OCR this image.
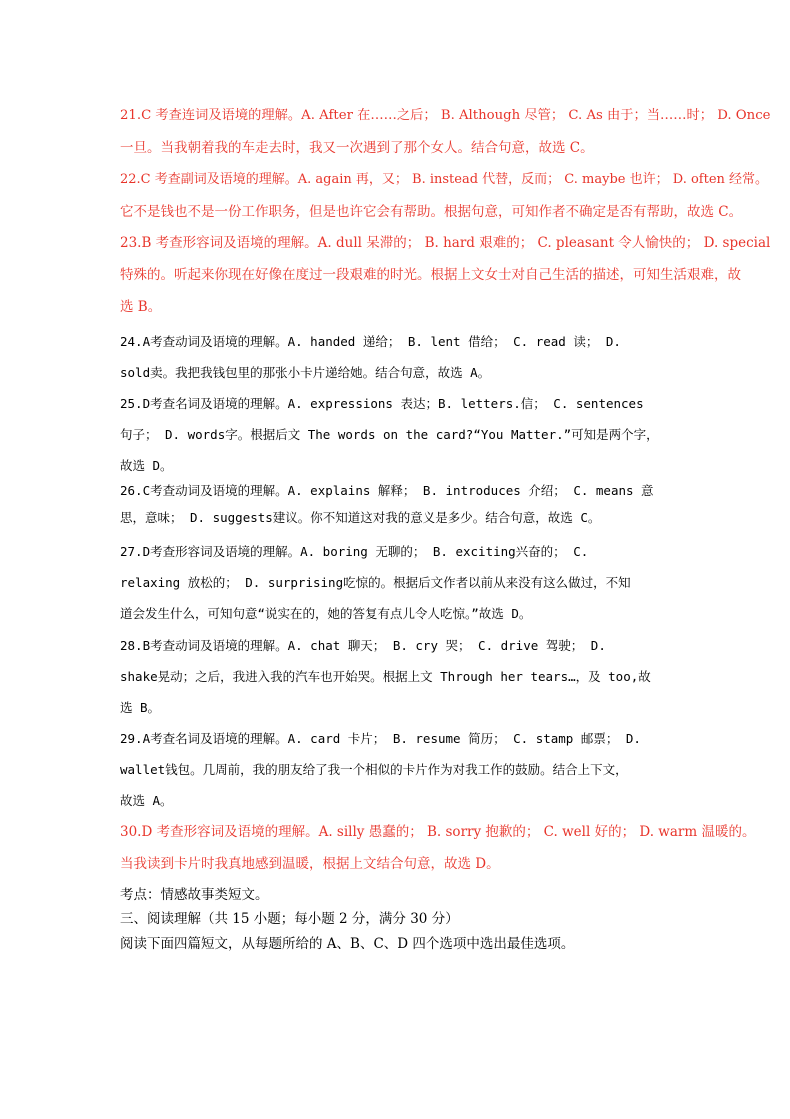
21.C 考查连词及语境的理解。A. After 在……之后； B. Although 尽管； C. As 由于；当……时； D. Once
一旦。当我朝着我的车走去时，我又一次遇到了那个女人。结合句意，故选 C。
22.C 考查副词及语境的理解。A. again 再，又； B. instead 代替，反而； C. maybe 也许； D. often 经常。
它不是钱也不是一份工作职务，但是也许它会有帮助。根据句意，可知作者不确定是否有帮助，故选 C。
23.B 考查形容词及语境的理解。A. dull 呆滞的； B. hard 艰难的； C. pleasant 令人愉快的； D. special
特殊的。听起来你现在好像在度过一段艰难的时光。根据上文女士对自己生活的描述，可知生活艰难，故
选 B。
24.A考查动词及语境的理解。A. handed 递给； B. lent 借给； C. read 读； D.
sold卖。我把我钱包里的那张小卡片递给她。结合句意，故选 A。
25.D考查名词及语境的理解。A. expressions 表达；B. letters.信； C. sentences
句子； D. words字。根据后文 The words on the card?“You Matter.”可知是两个字，
故选 D。
26.C考查动词及语境的理解。A. explains 解释； B. introduces 介绍； C. means 意
思，意味； D. suggests建议。你不知道这对我的意义是多少。结合句意，故选 C。
27.D考查形容词及语境的理解。A. boring 无聊的； B. exciting兴奋的； C.
relaxing 放松的； D. surprising吃惊的。根据后文作者以前从来没有这么做过，不知
道会发生什么，可知句意“说实在的，她的答复有点儿令人吃惊。”故选 D。
28.B考查动词及语境的理解。A. chat 聊天； B. cry 哭； C. drive 驾驶； D.
shake晃动；之后，我进入我的汽车也开始哭。根据上文 Through her tears…，及 too,故
选 B。
29.A考查名词及语境的理解。A. card 卡片； B. resume 简历； C. stamp 邮票； D.
wallet钱包。几周前，我的朋友给了我一个相似的卡片作为对我工作的鼓励。结合上下文，
故选 A。
30.D 考查形容词及语境的理解。A. silly 愚蠢的； B. sorry 抱歉的； C. well 好的； D. warm 温暖的。
当我读到卡片时我真地感到温暖，根据上文结合句意，故选 D。
考点：情感故事类短文。
三、阅读理解（共 15 小题；每小题 2 分，满分 30 分）
阅读下面四篇短文，从每题所给的 A、B、C、D 四个选项中选出最佳选项。
